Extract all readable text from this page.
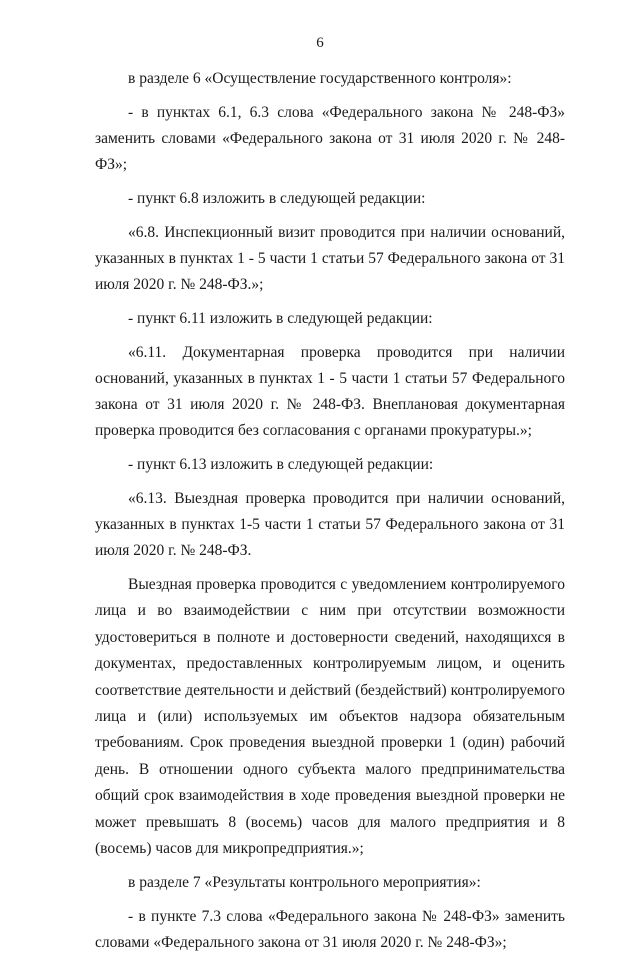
6

в разделе 6 «Осуществление государственного контроля»:

- в пунктах 6.1, 6.3 слова «Федерального закона № 248-ФЗ» заменить словами «Федерального закона от 31 июля 2020 г. № 248-ФЗ»;

- пункт 6.8 изложить в следующей редакции:

«6.8. Инспекционный визит проводится при наличии оснований, указанных в пунктах 1 - 5 части 1 статьи 57 Федерального закона от 31 июля 2020 г. № 248-ФЗ.»;

- пункт 6.11 изложить в следующей редакции:

«6.11. Документарная проверка проводится при наличии оснований, указанных в пунктах 1 - 5 части 1 статьи 57 Федерального закона от 31 июля 2020 г. № 248-ФЗ. Внеплановая документарная проверка проводится без согласования с органами прокуратуры.»;

- пункт 6.13 изложить в следующей редакции:

«6.13. Выездная проверка проводится при наличии оснований, указанных в пунктах 1-5 части 1 статьи 57 Федерального закона от 31 июля 2020 г. № 248-ФЗ.

Выездная проверка проводится с уведомлением контролируемого лица и во взаимодействии с ним при отсутствии возможности удостовериться в полноте и достоверности сведений, находящихся в документах, предоставленных контролируемым лицом, и оценить соответствие деятельности и действий (бездействий) контролируемого лица и (или) используемых им объектов надзора обязательным требованиям. Срок проведения выездной проверки 1 (один) рабочий день. В отношении одного субъекта малого предпринимательства общий срок взаимодействия в ходе проведения выездной проверки не может превышать 8 (восемь) часов для малого предприятия и 8 (восемь) часов для микропредприятия.»;

в разделе 7 «Результаты контрольного мероприятия»:

- в пункте 7.3 слова «Федерального закона № 248-ФЗ» заменить словами «Федерального закона от 31 июля 2020 г. № 248-ФЗ»;
